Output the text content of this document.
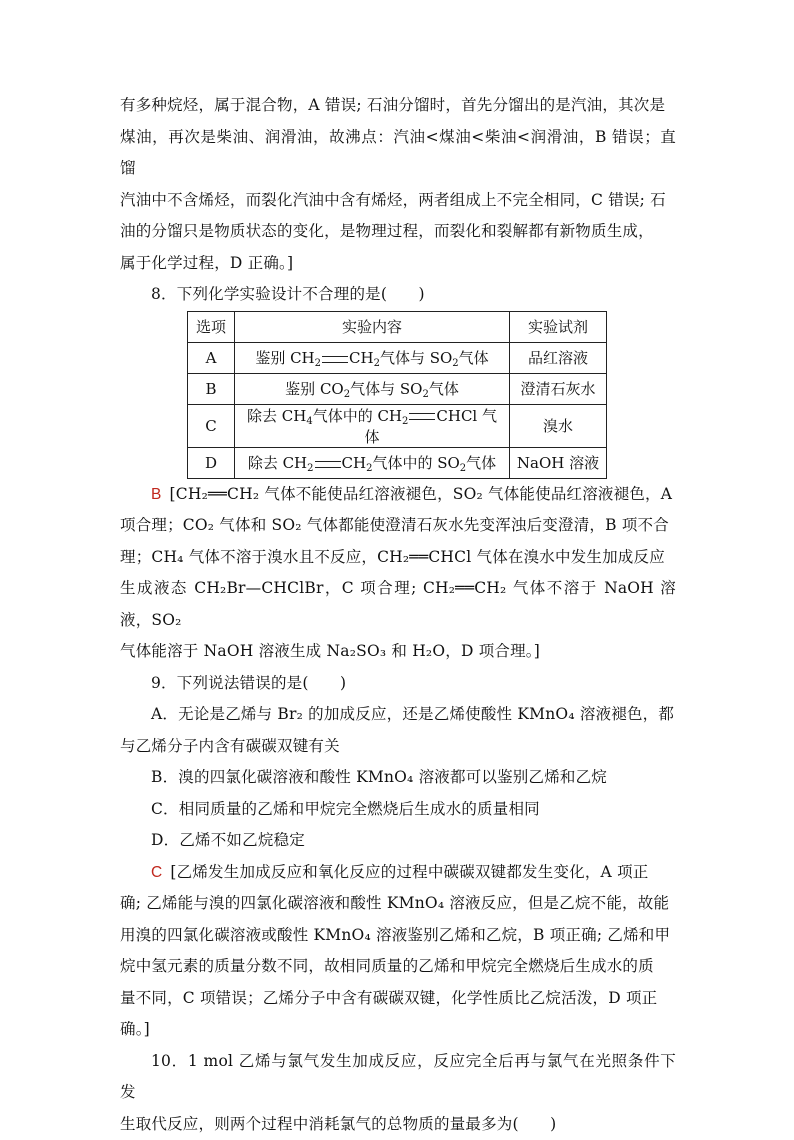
有多种烷烃，属于混合物，A 错误; 石油分馏时，首先分馏出的是汽油，其次是

煤油，再次是柴油、润滑油，故沸点：汽油<煤油<柴油<润滑油，B 错误；直馏

汽油中不含烯烃，而裂化汽油中含有烯烃，两者组成上不完全相同，C 错误; 石

油的分馏只是物质状态的变化，是物理过程，而裂化和裂解都有新物质生成，

属于化学过程，D 正确。]

8．下列化学实验设计不合理的是(　　)

选项	实验内容	实验试剂
A	鉴别 $CH_2$ $CH_2$气体与 $SO_2$气体	品红溶液
B	鉴别 $CO_2$气体与 $SO_2$气体	澄清石灰水
C	除去 $CH_4$气体中的 $CH_2$ CHCl 气体	溴水
D	除去 $CH_2$ $CH_2$气体中的 $SO_2$气体	NaOH 溶液

B [CH₂══CH₂ 气体不能使品红溶液褪色，SO₂ 气体能使品红溶液褪色，A

项合理；CO₂ 气体和 SO₂ 气体都能使澄清石灰水先变浑浊后变澄清，B 项不合

理；CH₄ 气体不溶于溴水且不反应，CH₂══CHCl 气体在溴水中发生加成反应

生成液态 CH₂Br—CHClBr，C 项合理; CH₂══CH₂ 气体不溶于 NaOH 溶液，SO₂

气体能溶于 NaOH 溶液生成 Na₂SO₃ 和 H₂O，D 项合理。]

9．下列说法错误的是(　　)

A．无论是乙烯与 Br₂ 的加成反应，还是乙烯使酸性 KMnO₄ 溶液褪色，都

与乙烯分子内含有碳碳双键有关

B．溴的四氯化碳溶液和酸性 KMnO₄ 溶液都可以鉴别乙烯和乙烷

C．相同质量的乙烯和甲烷完全燃烧后生成水的质量相同

D．乙烯不如乙烷稳定

C [乙烯发生加成反应和氧化反应的过程中碳碳双键都发生变化，A 项正

确; 乙烯能与溴的四氯化碳溶液和酸性 KMnO₄ 溶液反应，但是乙烷不能，故能

用溴的四氯化碳溶液或酸性 KMnO₄ 溶液鉴别乙烯和乙烷，B 项正确; 乙烯和甲

烷中氢元素的质量分数不同，故相同质量的乙烯和甲烷完全燃烧后生成水的质

量不同，C 项错误；乙烯分子中含有碳碳双键，化学性质比乙烷活泼，D 项正

确。]

10．1 mol 乙烯与氯气发生加成反应，反应完全后再与氯气在光照条件下发

生取代反应，则两个过程中消耗氯气的总物质的量最多为(　　)
